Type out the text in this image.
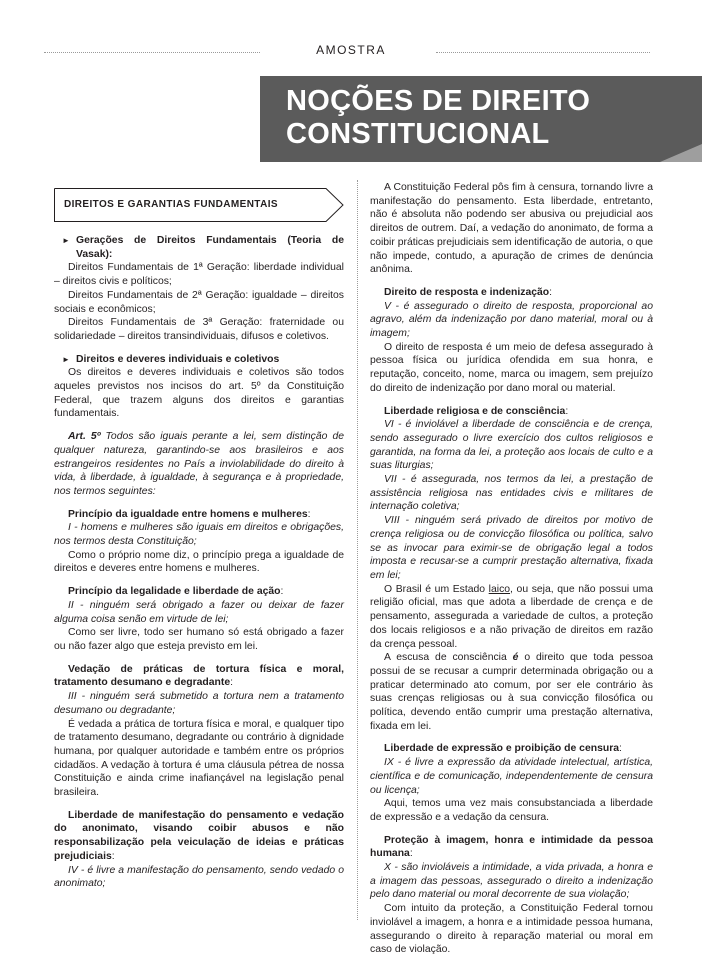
AMOSTRA
NOÇÕES DE DIREITO
CONSTITUCIONAL
DIREITOS E GARANTIAS FUNDAMENTAIS

► Gerações de Direitos Fundamentais (Teoria de Vasak):

Direitos Fundamentais de 1ª Geração: liberdade individual – direitos civis e políticos;

Direitos Fundamentais de 2ª Geração: igualdade – direitos sociais e econômicos;

Direitos Fundamentais de 3ª Geração: fraternidade ou solidariedade – direitos transindividuais, difusos e coletivos.

► Direitos e deveres individuais e coletivos

Os direitos e deveres individuais e coletivos são todos aqueles previstos nos incisos do art. 5º da Constituição Federal, que trazem alguns dos direitos e garantias fundamentais.

Art. 5º Todos são iguais perante a lei, sem distinção de qualquer natureza, garantindo-se aos brasileiros e aos estrangeiros residentes no País a inviolabilidade do direito à vida, à liberdade, à igualdade, à segurança e à propriedade, nos termos seguintes:

Princípio da igualdade entre homens e mulheres:

I - homens e mulheres são iguais em direitos e obrigações, nos termos desta Constituição;

Como o próprio nome diz, o princípio prega a igualdade de direitos e deveres entre homens e mulheres.

Princípio da legalidade e liberdade de ação:

II - ninguém será obrigado a fazer ou deixar de fazer alguma coisa senão em virtude de lei;

Como ser livre, todo ser humano só está obrigado a fazer ou não fazer algo que esteja previsto em lei.

Vedação de práticas de tortura física e moral, tratamento desumano e degradante:

III - ninguém será submetido a tortura nem a tratamento desumano ou degradante;

É vedada a prática de tortura física e moral, e qualquer tipo de tratamento desumano, degradante ou contrário à dignidade humana, por qualquer autoridade e também entre os próprios cidadãos. A vedação à tortura é uma cláusula pétrea de nossa Constituição e ainda crime inafiançável na legislação penal brasileira.

Liberdade de manifestação do pensamento e vedação do anonimato, visando coibir abusos e não responsabilização pela veiculação de ideias e práticas prejudiciais:

IV - é livre a manifestação do pensamento, sendo vedado o anonimato;

A Constituição Federal pôs fim à censura, tornando livre a manifestação do pensamento. Esta liberdade, entretanto, não é absoluta não podendo ser abusiva ou prejudicial aos direitos de outrem. Daí, a vedação do anonimato, de forma a coibir práticas prejudiciais sem identificação de autoria, o que não impede, contudo, a apuração de crimes de denúncia anônima.

Direito de resposta e indenização:

V - é assegurado o direito de resposta, proporcional ao agravo, além da indenização por dano material, moral ou à imagem;

O direito de resposta é um meio de defesa assegurado à pessoa física ou jurídica ofendida em sua honra, e reputação, conceito, nome, marca ou imagem, sem prejuízo do direito de indenização por dano moral ou material.

Liberdade religiosa e de consciência:

VI - é inviolável a liberdade de consciência e de crença, sendo assegurado o livre exercício dos cultos religiosos e garantida, na forma da lei, a proteção aos locais de culto e a suas liturgias;

VII - é assegurada, nos termos da lei, a prestação de assistência religiosa nas entidades civis e militares de internação coletiva;

VIII - ninguém será privado de direitos por motivo de crença religiosa ou de convicção filosófica ou política, salvo se as invocar para eximir-se de obrigação legal a todos imposta e recusar-se a cumprir prestação alternativa, fixada em lei;

O Brasil é um Estado laico, ou seja, que não possui uma religião oficial, mas que adota a liberdade de crença e de pensamento, assegurada a variedade de cultos, a proteção dos locais religiosos e a não privação de direitos em razão da crença pessoal.

A escusa de consciência é o direito que toda pessoa possui de se recusar a cumprir determinada obrigação ou a praticar determinado ato comum, por ser ele contrário às suas crenças religiosas ou à sua convicção filosófica ou política, devendo então cumprir uma prestação alternativa, fixada em lei.

Liberdade de expressão e proibição de censura:

IX - é livre a expressão da atividade intelectual, artística, científica e de comunicação, independentemente de censura ou licença;

Aqui, temos uma vez mais consubstanciada a liberdade de expressão e a vedação da censura.

Proteção à imagem, honra e intimidade da pessoa humana:

X - são invioláveis a intimidade, a vida privada, a honra e a imagem das pessoas, assegurado o direito a indenização pelo dano material ou moral decorrente de sua violação;

Com intuito da proteção, a Constituição Federal tornou inviolável a imagem, a honra e a intimidade pessoa humana, assegurando o direito à reparação material ou moral em caso de violação.
